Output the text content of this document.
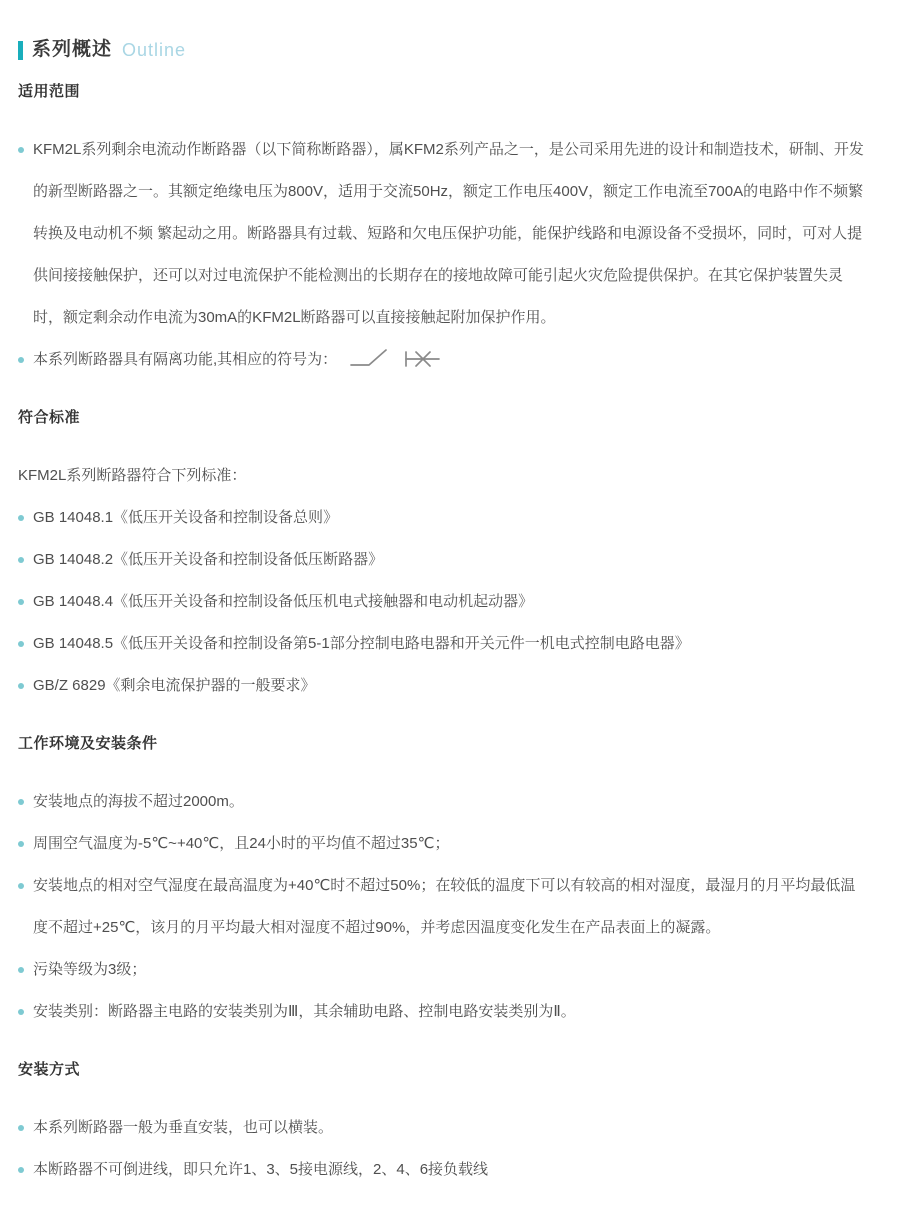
系列概述 Outline
适用范围
KFM2L系列剩余电流动作断路器（以下简称断路器），属KFM2系列产品之一，是公司采用先进的设计和制造技术，研制、开发的新型断路器之一。其额定绝缘电压为800V，适用于交流50Hz，额定工作电压400V，额定工作电流至700A的电路中作不频繁转换及电动机不频 繁起动之用。断路器具有过载、短路和欠电压保护功能，能保护线路和电源设备不受损坏，同时，可对人提供间接接触保护，还可以对过电流保护不能检测出的长期存在的接地故障可能引起火灾危险提供保护。在其它保护装置失灵时，额定剩余动作电流为30mA的KFM2L断路器可以直接接触起附加保护作用。
本系列断路器具有隔离功能,其相应的符号为：
符合标准
KFM2L系列断路器符合下列标准：
GB 14048.1《低压开关设备和控制设备总则》
GB 14048.2《低压开关设备和控制设备低压断路器》
GB 14048.4《低压开关设备和控制设备低压机电式接触器和电动机起动器》
GB 14048.5《低压开关设备和控制设备第5-1部分控制电路电器和开关元件一机电式控制电路电器》
GB/Z 6829《剩余电流保护器的一般要求》
工作环境及安装条件
安装地点的海拔不超过2000m。
周围空气温度为-5℃~+40℃，且24小时的平均值不超过35℃；
安装地点的相对空气湿度在最高温度为+40℃时不超过50%；在较低的温度下可以有较高的相对湿度，最湿月的月平均最低温度不超过+25℃，该月的月平均最大相对湿度不超过90%，并考虑因温度变化发生在产品表面上的凝露。
污染等级为3级；
安装类别：断路器主电路的安装类别为Ⅲ，其余辅助电路、控制电路安装类别为Ⅱ。
安装方式
本系列断路器一般为垂直安装，也可以横装。
本断路器不可倒进线，即只允许1、3、5接电源线，2、4、6接负载线
